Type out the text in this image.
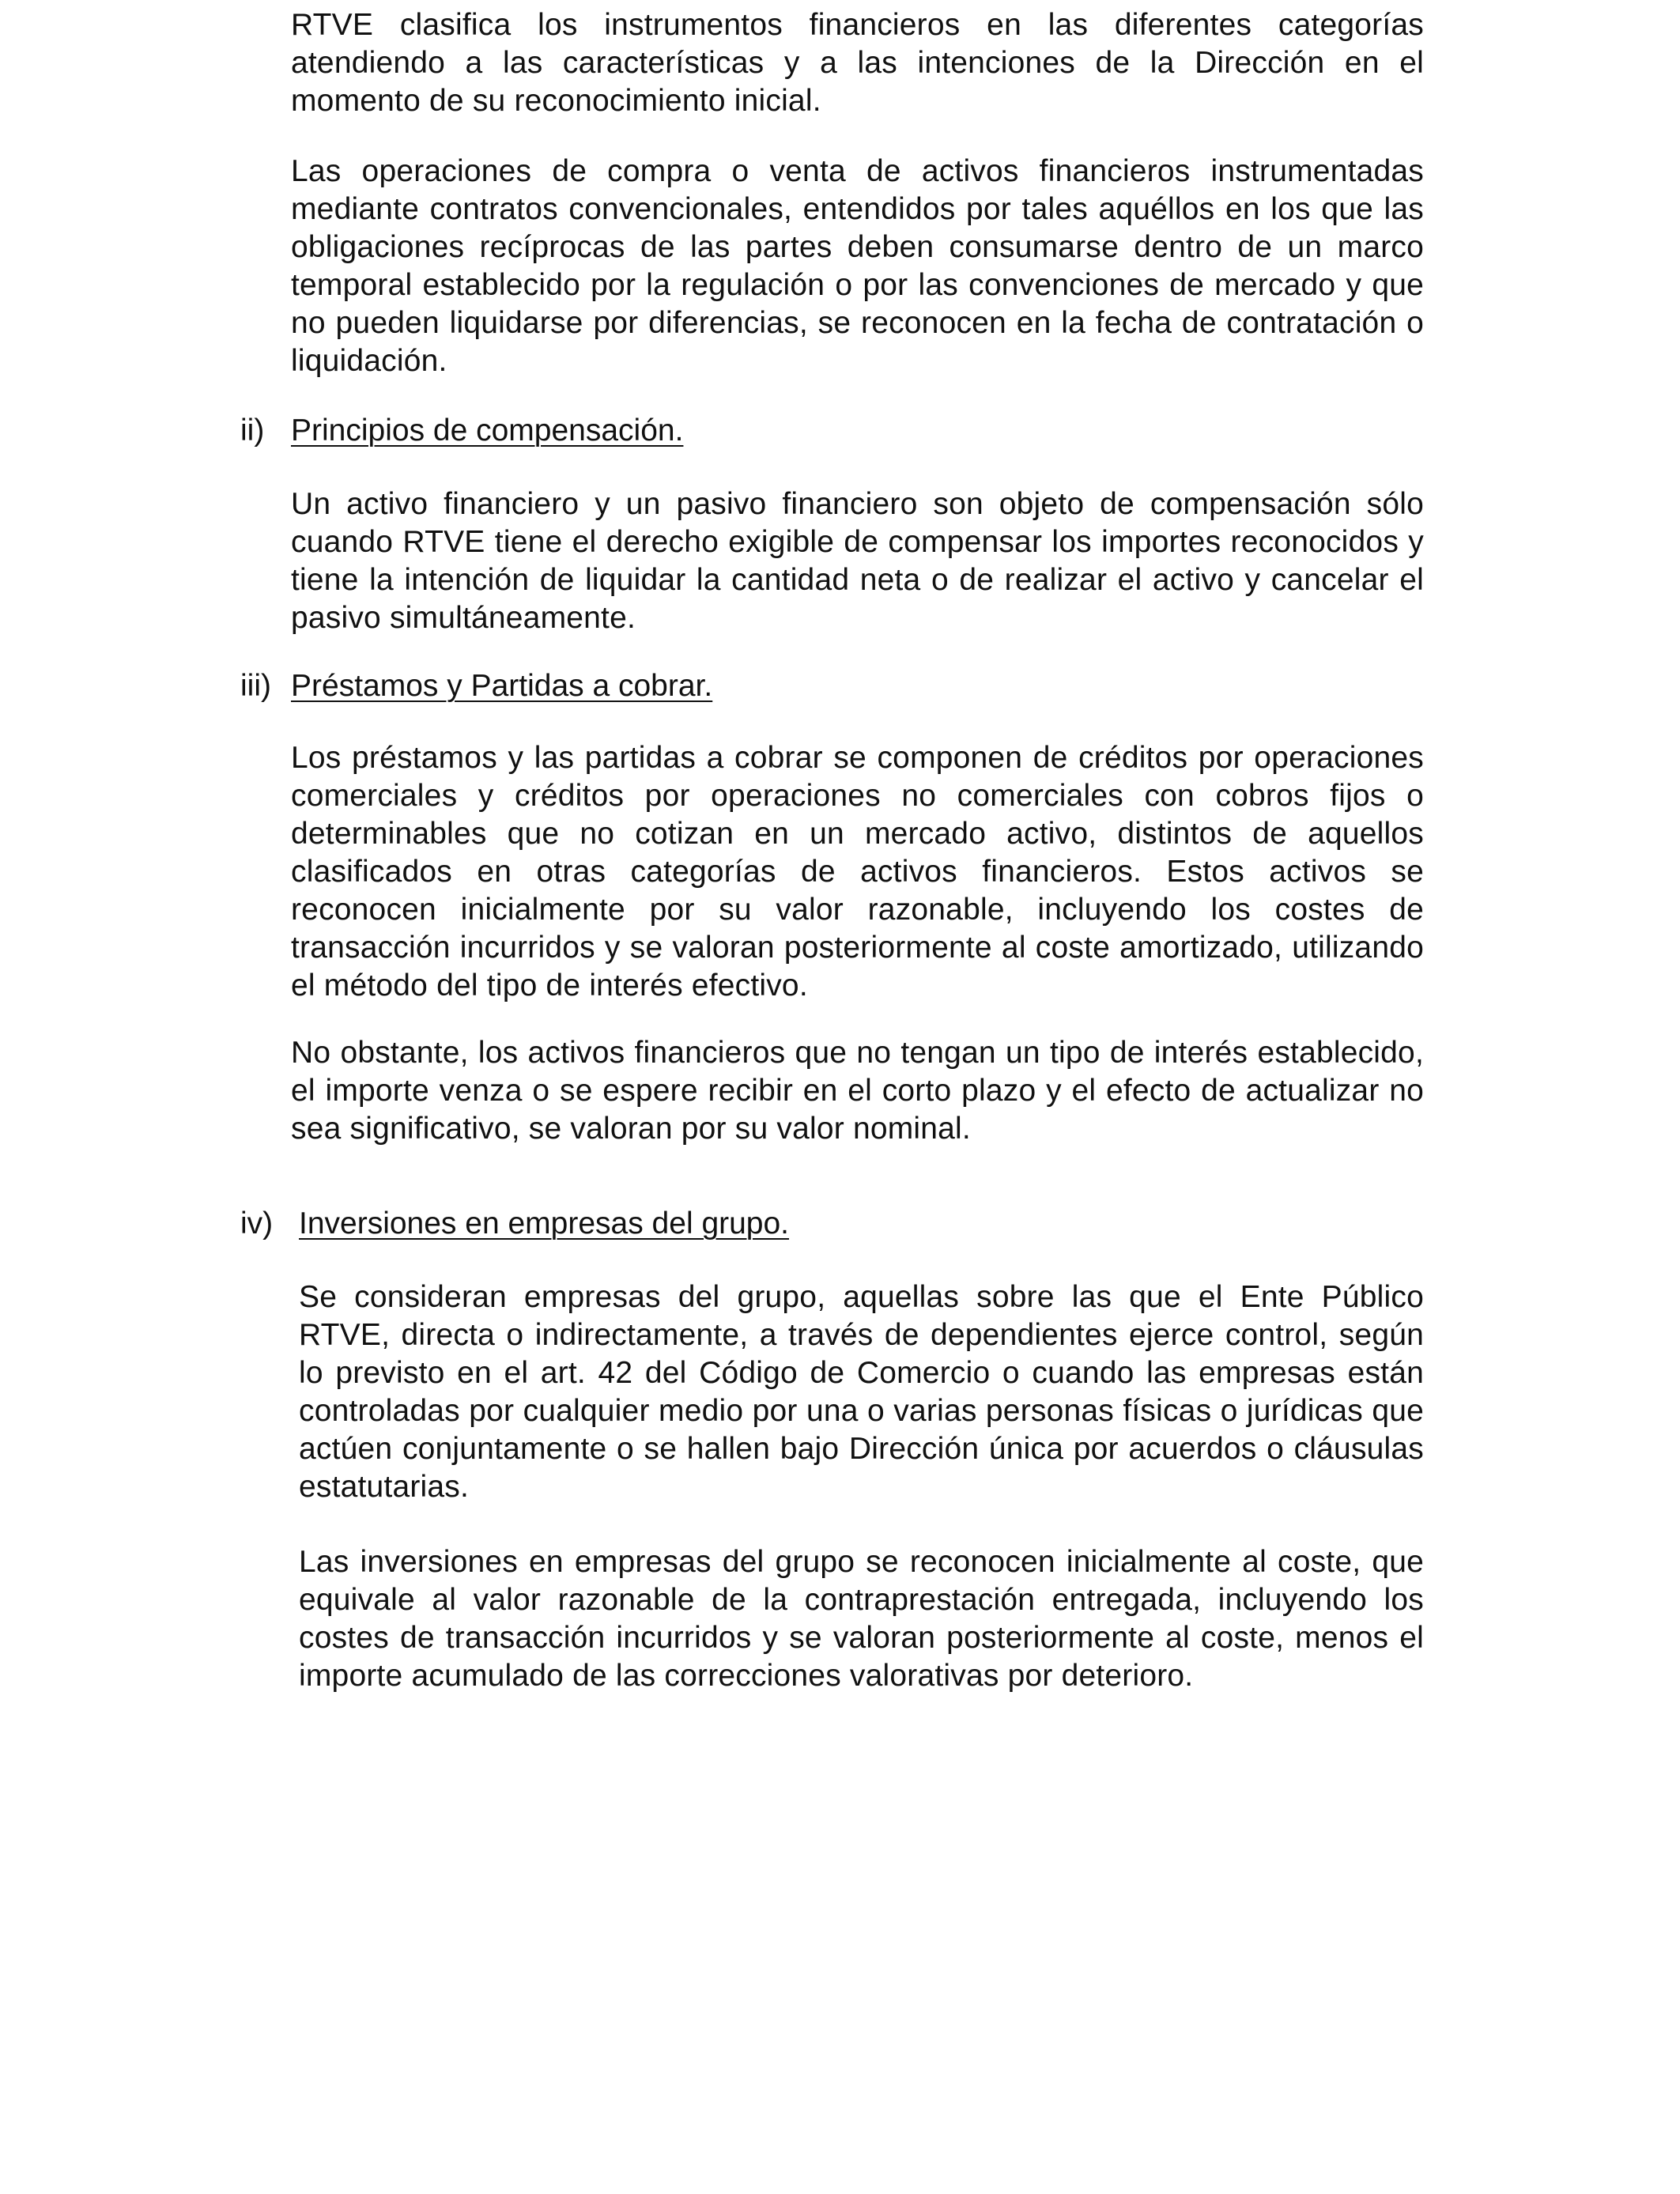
RTVE clasifica los instrumentos financieros en las diferentes categorías atendiendo a las características y a las intenciones de la Dirección en el momento de su reconocimiento inicial.

Las operaciones de compra o venta de activos financieros instrumentadas mediante contratos convencionales, entendidos por tales aquéllos en los que las obligaciones recíprocas de las partes deben consumarse dentro de un marco temporal establecido por la regulación o por las convenciones de mercado y que no pueden liquidarse por diferencias, se reconocen en la fecha de contratación o liquidación.

ii) Principios de compensación.

Un activo financiero y un pasivo financiero son objeto de compensación sólo cuando RTVE tiene el derecho exigible de compensar los importes reconocidos y tiene la intención de liquidar la cantidad neta o de realizar el activo y cancelar el pasivo simultáneamente.

iii) Préstamos y Partidas a cobrar.

Los préstamos y las partidas a cobrar se componen de créditos por operaciones comerciales y créditos por operaciones no comerciales con cobros fijos o determinables que no cotizan en un mercado activo, distintos de aquellos clasificados en otras categorías de activos financieros. Estos activos se reconocen inicialmente por su valor razonable, incluyendo los costes de transacción incurridos y se valoran posteriormente al coste amortizado, utilizando el método del tipo de interés efectivo.

No obstante, los activos financieros que no tengan un tipo de interés establecido, el importe venza o se espere recibir en el corto plazo y el efecto de actualizar no sea significativo, se valoran por su valor nominal.

iv) Inversiones en empresas del grupo.

Se consideran empresas del grupo, aquellas sobre las que el Ente Público RTVE, directa o indirectamente, a través de dependientes ejerce control, según lo previsto en el art. 42 del Código de Comercio o cuando las empresas están controladas por cualquier medio por una o varias personas físicas o jurídicas que actúen conjuntamente o se hallen bajo Dirección única por acuerdos o cláusulas estatutarias.

Las inversiones en empresas del grupo se reconocen inicialmente al coste, que equivale al valor razonable de la contraprestación entregada, incluyendo los costes de transacción incurridos y se valoran posteriormente al coste, menos el importe acumulado de las correcciones valorativas por deterioro.
